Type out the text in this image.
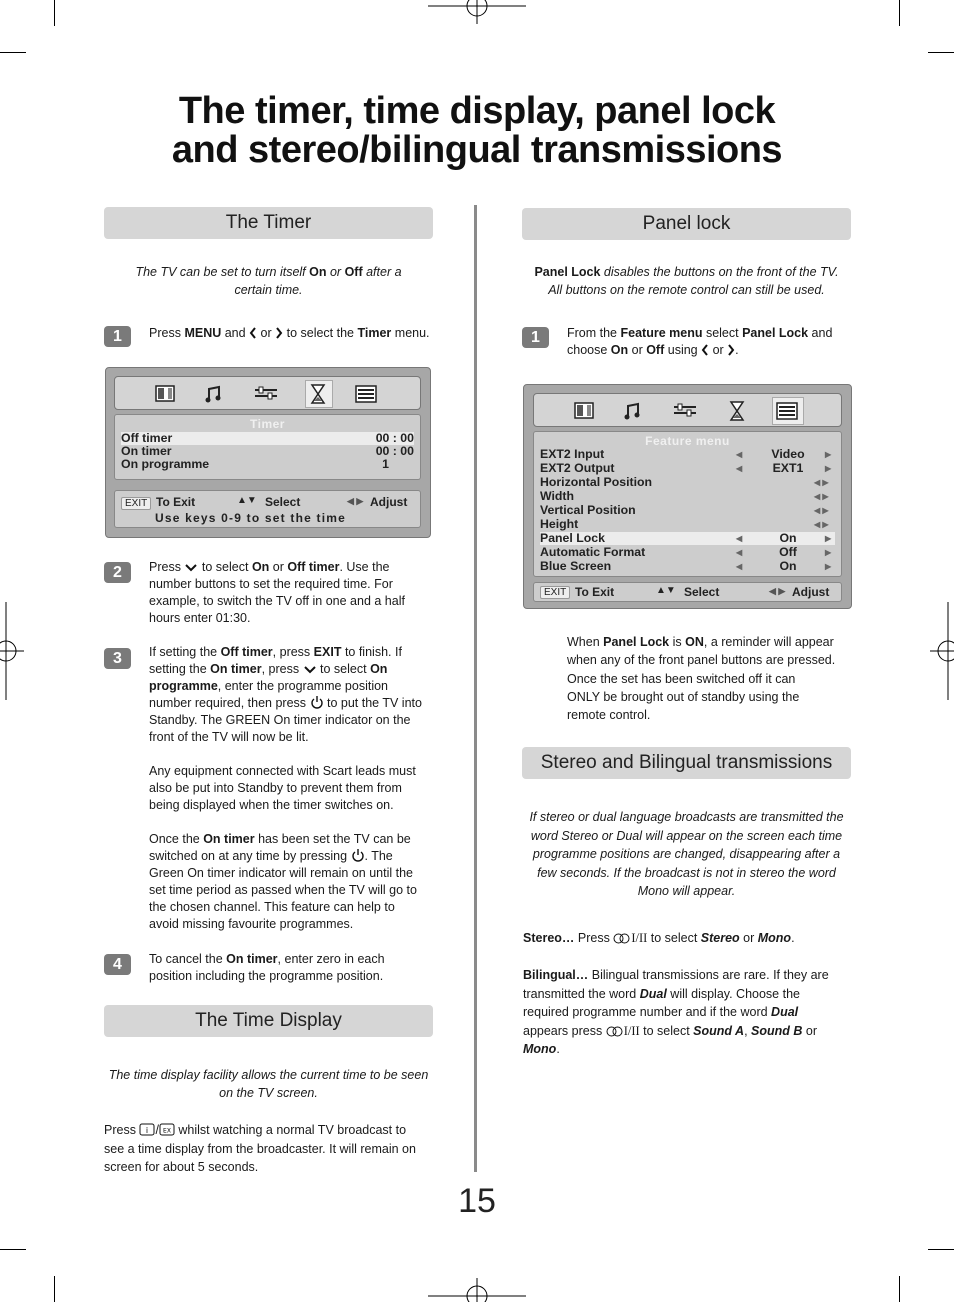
The timer, time display, panel lock
and stereo/bilingual transmissions
The Timer
The TV can be set to turn itself On or Off after a
certain time.
1	Press MENU and  or  to select the Timer menu.
Timer
Off timer	00 : 00
On timer	00 : 00
On programme	1
EXIT To Exit	▲▼ Select	◀ ▶ Adjust
Use keys 0-9 to set the time
2	Press  to select On or Off timer. Use the
number buttons to set the required time. For
example, to switch the TV off in one and a half
hours enter 01:30.
3	If setting the Off timer, press EXIT to finish. If
setting the On timer, press  to select On
programme, enter the programme position
number required, then press  to put the TV into
Standby. The GREEN On timer indicator on the
front of the TV will now be lit.
Any equipment connected with Scart leads must
also be put into Standby to prevent them from
being displayed when the timer switches on.
Once the On timer has been set the TV can be
switched on at any time by pressing . The
Green On timer indicator will remain on until the
set time period as passed when the TV will go to
the chosen channel. This feature can help to
avoid missing favourite programmes.
4	To cancel the On timer, enter zero in each
position including the programme position.
The Time Display
The time display facility allows the current time to be seen
on the TV screen.
Press i / EX whilst watching a normal TV broadcast to
see a time display from the broadcaster. It will remain on
screen for about 5 seconds.
Panel lock
Panel Lock disables the buttons on the front of the TV.
All buttons on the remote control can still be used.
1	From the Feature menu select Panel Lock and
choose On or Off using  or .
Feature menu
EXT2 Input	◀	Video	▶
EXT2 Output	◀	EXT1	▶
Horizontal Position	◀ ▶
Width	◀ ▶
Vertical Position	◀ ▶
Height	◀ ▶
Panel Lock	◀	On	▶
Automatic Format	◀	Off	▶
Blue Screen	◀	On	▶
EXIT To Exit	▲▼ Select	◀ ▶ Adjust
When Panel Lock is ON, a reminder will appear
when any of the front panel buttons are pressed.
Once the set has been switched off it can
ONLY be brought out of standby using the
remote control.
Stereo and Bilingual transmissions
If stereo or dual language broadcasts are transmitted the
word Stereo or Dual will appear on the screen each time
programme positions are changed, disappearing after a
few seconds. If the broadcast is not in stereo the word
Mono will appear.
Stereo… Press I/II to select Stereo or Mono.
Bilingual… Bilingual transmissions are rare. If they are
transmitted the word Dual will display. Choose the
required programme number and if the word Dual
appears press I/II to select Sound A, Sound B or
Mono.
15
